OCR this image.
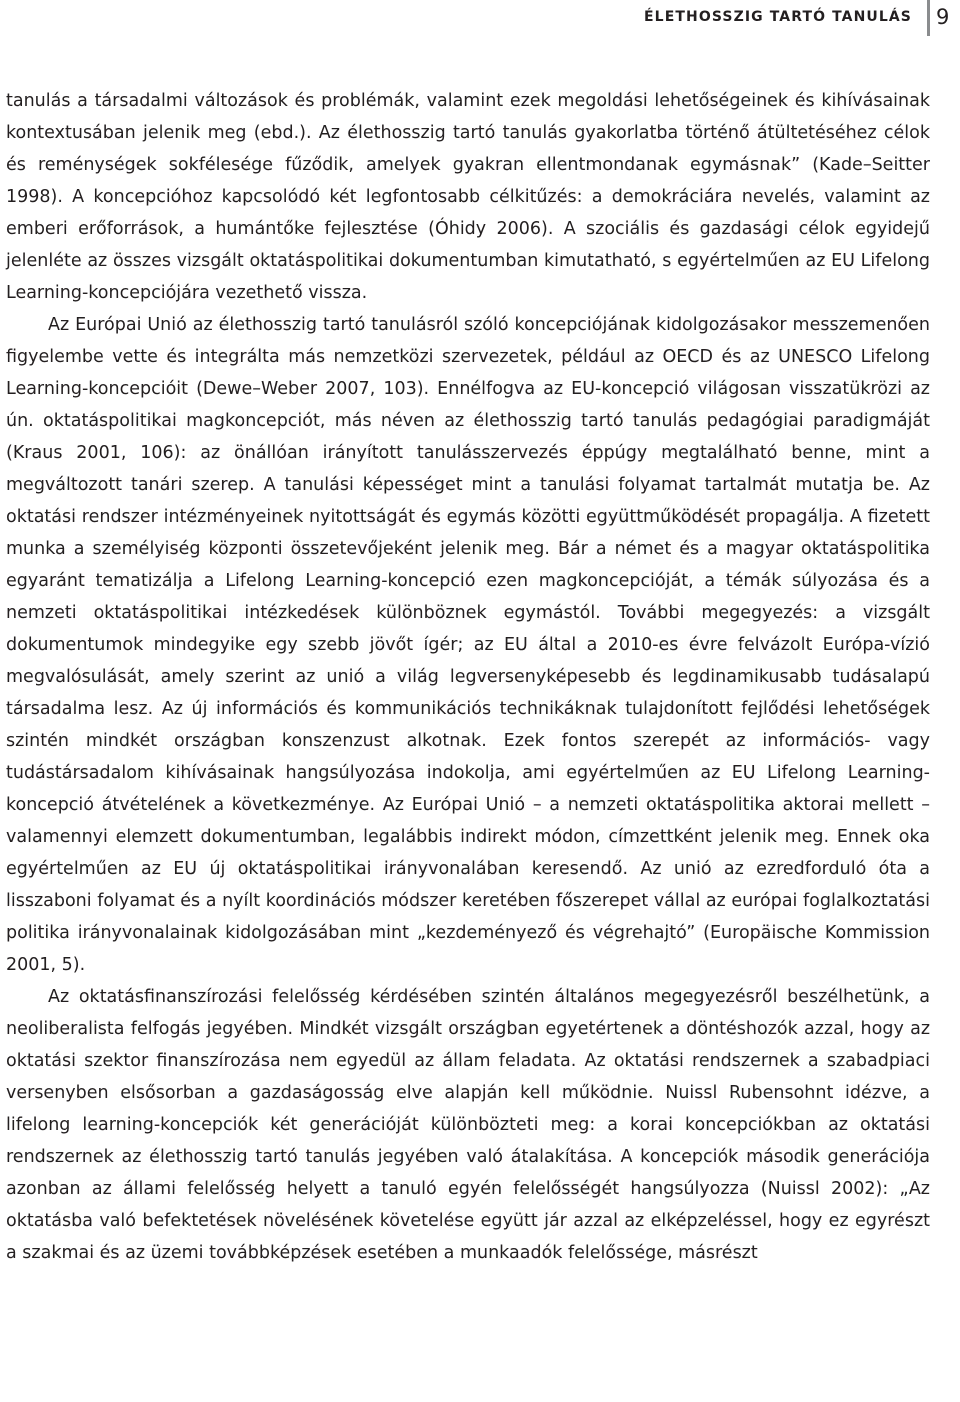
ÉLETHOSSZIG TARTÓ TANULÁS 9

tanulás a társadalmi változások és problémák, valamint ezek megoldási lehetőségeinek és kihívásainak kontextusában jelenik meg (ebd.). Az élethosszig tartó tanulás gyakorlatba történő átültetéséhez célok és reménységek sokfélesége fűződik, amelyek gyakran ellentmondanak egymásnak” (Kade–Seitter 1998). A koncepcióhoz kapcsolódó két legfontosabb célkitűzés: a demokráciára nevelés, valamint az emberi erőforrások, a humántőke fejlesztése (Óhidy 2006). A szociális és gazdasági célok egyidejű jelenléte az összes vizsgált oktatáspolitikai dokumentumban kimutatható, s egyértelműen az EU Lifelong Learning-koncepciójára vezethető vissza.

Az Európai Unió az élethosszig tartó tanulásról szóló koncepciójának kidolgozásakor messzemenően figyelembe vette és integrálta más nemzetközi szervezetek, például az OECD és az UNESCO Lifelong Learning-koncepcióit (Dewe–Weber 2007, 103). Ennélfogva az EU-koncepció világosan visszatükrözi az ún. oktatáspolitikai magkoncepciót, más néven az élethosszig tartó tanulás pedagógiai paradigmáját (Kraus 2001, 106): az önállóan irányított tanulásszervezés éppúgy megtalálható benne, mint a megváltozott tanári szerep. A tanulási képességet mint a tanulási folyamat tartalmát mutatja be. Az oktatási rendszer intézményeinek nyitottságát és egymás közötti együttműködését propagálja. A fizetett munka a személyiség központi összetevőjeként jelenik meg. Bár a német és a magyar oktatáspolitika egyaránt tematizálja a Lifelong Learning-koncepció ezen magkoncepcióját, a témák súlyozása és a nemzeti oktatáspolitikai intézkedések különböznek egymástól. További megegyezés: a vizsgált dokumentumok mindegyike egy szebb jövőt ígér; az EU által a 2010-es évre felvázolt Európa-vízió megvalósulását, amely szerint az unió a világ legversenyképesebb és legdinamikusabb tudásalapú társadalma lesz. Az új információs és kommunikációs technikáknak tulajdonított fejlődési lehetőségek szintén mindkét országban konszenzust alkotnak. Ezek fontos szerepét az információs- vagy tudástársadalom kihívásainak hangsúlyozása indokolja, ami egyértelműen az EU Lifelong Learning-koncepció átvételének a következménye. Az Európai Unió – a nemzeti oktatáspolitika aktorai mellett – valamennyi elemzett dokumentumban, legalábbis indirekt módon, címzettként jelenik meg. Ennek oka egyértelműen az EU új oktatáspolitikai irányvonalában keresendő. Az unió az ezredforduló óta a lisszaboni folyamat és a nyílt koordinációs módszer keretében főszerepet vállal az európai foglalkoztatási politika irányvonalainak kidolgozásában mint „kezdeményező és végrehajtó” (Europäische Kommission 2001, 5).

Az oktatásfinanszírozási felelősség kérdésében szintén általános megegyezésről beszélhetünk, a neoliberalista felfogás jegyében. Mindkét vizsgált országban egyetértenek a döntéshozók azzal, hogy az oktatási szektor finanszírozása nem egyedül az állam feladata. Az oktatási rendszernek a szabadpiaci versenyben elsősorban a gazdaságosság elve alapján kell működnie. Nuissl Rubensohnt idézve, a lifelong learning-koncepciók két generációját különbözteti meg: a korai koncepciókban az oktatási rendszernek az élethosszig tartó tanulás jegyében való átalakítása. A koncepciók második generációja azonban az állami felelősség helyett a tanuló egyén felelősségét hangsúlyozza (Nuissl 2002): „Az oktatásba való befektetések növelésének követelése együtt jár azzal az elképzeléssel, hogy ez egyrészt a szakmai és az üzemi továbbképzések esetében a munkaadók felelőssége, másrészt
